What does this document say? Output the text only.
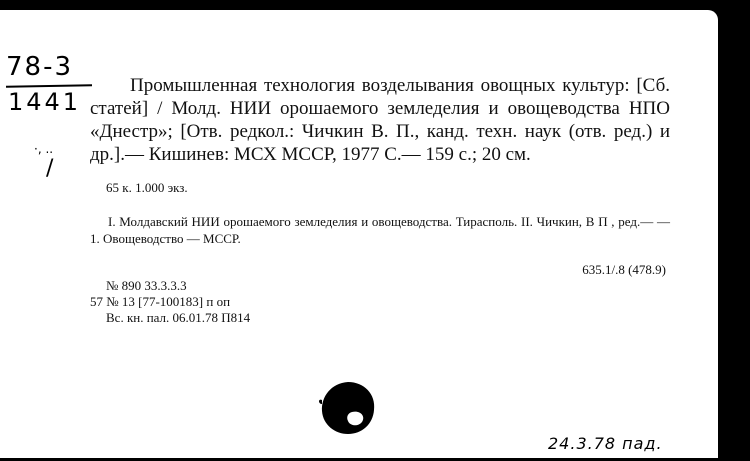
78-3
1441
·, ..
/

Промышленная технология возделывания овощных культур: [Сб. статей] / Молд. НИИ орошаемого земледелия и овощеводства НПО «Днестр»; [Отв. редкол.: Чичкин В. П., канд. техн. наук (отв. ред.) и др.].— Кишинев: МСХ МССР, 1977 С.— 159 с.; 20 см.

65 к. 1.000 экз.

I. Молдавский НИИ орошаемого земледелия и овощеводства. Тирасполь. II. Чичкин, В П , ред.— — 1. Овощеводство — МССР.

635.1/.8 (478.9)
№ 890 33.3.3.3
57 № 13 [77-100183] п оп
Вс. кн. пал. 06.01.78 П814
24.3.78 пад.
